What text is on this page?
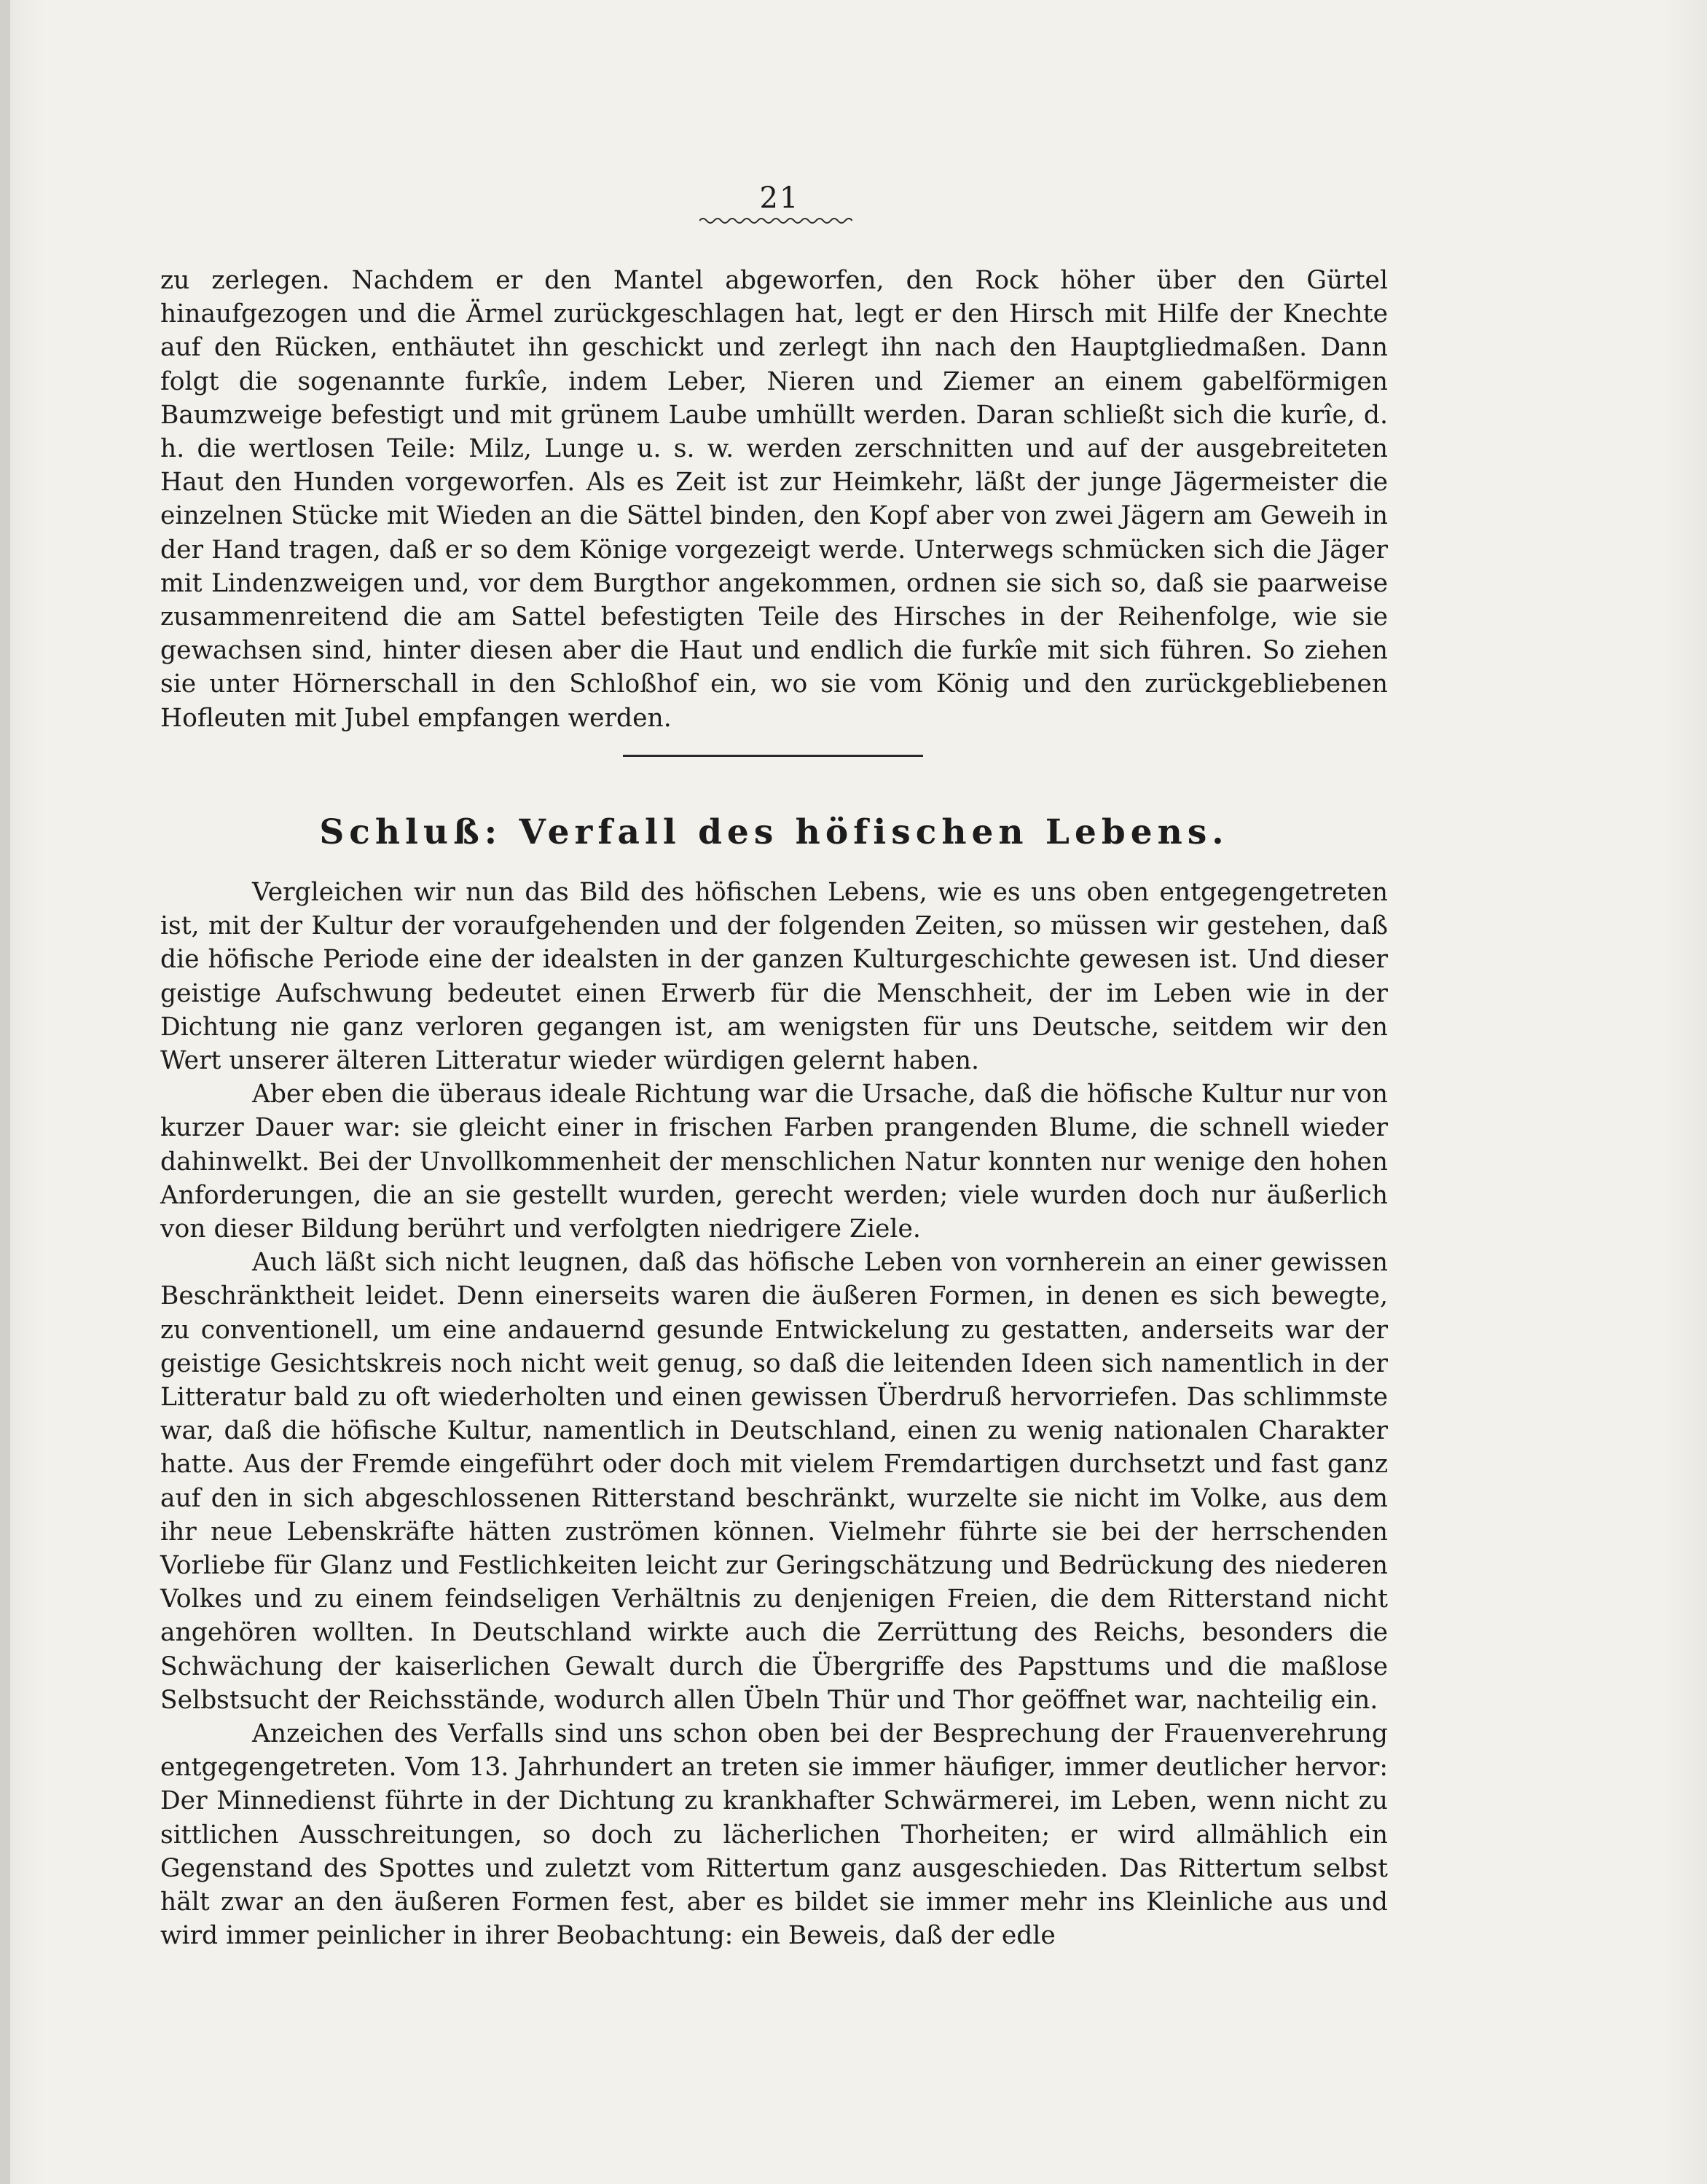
21

zu zerlegen. Nachdem er den Mantel abgeworfen, den Rock höher über den Gürtel hinaufgezogen und die Ärmel zurückgeschlagen hat, legt er den Hirsch mit Hilfe der Knechte auf den Rücken, enthäutet ihn geschickt und zerlegt ihn nach den Hauptgliedmaßen. Dann folgt die sogenannte furkîe, indem Leber, Nieren und Ziemer an einem gabelförmigen Baumzweige befestigt und mit grünem Laube umhüllt werden. Daran schließt sich die kurîe, d. h. die wertlosen Teile: Milz, Lunge u. s. w. werden zerschnitten und auf der ausgebreiteten Haut den Hunden vorgeworfen. Als es Zeit ist zur Heimkehr, läßt der junge Jägermeister die einzelnen Stücke mit Wieden an die Sättel binden, den Kopf aber von zwei Jägern am Geweih in der Hand tragen, daß er so dem Könige vorgezeigt werde. Unterwegs schmücken sich die Jäger mit Lindenzweigen und, vor dem Burgthor angekommen, ordnen sie sich so, daß sie paarweise zusammenreitend die am Sattel befestigten Teile des Hirsches in der Reihenfolge, wie sie gewachsen sind, hinter diesen aber die Haut und endlich die furkîe mit sich führen. So ziehen sie unter Hörnerschall in den Schloßhof ein, wo sie vom König und den zurückgebliebenen Hofleuten mit Jubel empfangen werden.

Schluß: Verfall des höfischen Lebens.

Vergleichen wir nun das Bild des höfischen Lebens, wie es uns oben entgegengetreten ist, mit der Kultur der voraufgehenden und der folgenden Zeiten, so müssen wir gestehen, daß die höfische Periode eine der idealsten in der ganzen Kulturgeschichte gewesen ist. Und dieser geistige Aufschwung bedeutet einen Erwerb für die Menschheit, der im Leben wie in der Dichtung nie ganz verloren gegangen ist, am wenigsten für uns Deutsche, seitdem wir den Wert unserer älteren Litteratur wieder würdigen gelernt haben.

Aber eben die überaus ideale Richtung war die Ursache, daß die höfische Kultur nur von kurzer Dauer war: sie gleicht einer in frischen Farben prangenden Blume, die schnell wieder dahinwelkt. Bei der Unvollkommenheit der menschlichen Natur konnten nur wenige den hohen Anforderungen, die an sie gestellt wurden, gerecht werden; viele wurden doch nur äußerlich von dieser Bildung berührt und verfolgten niedrigere Ziele.

Auch läßt sich nicht leugnen, daß das höfische Leben von vornherein an einer gewissen Beschränktheit leidet. Denn einerseits waren die äußeren Formen, in denen es sich bewegte, zu conventionell, um eine andauernd gesunde Entwickelung zu gestatten, anderseits war der geistige Gesichtskreis noch nicht weit genug, so daß die leitenden Ideen sich namentlich in der Litteratur bald zu oft wiederholten und einen gewissen Überdruß hervorriefen. Das schlimmste war, daß die höfische Kultur, namentlich in Deutschland, einen zu wenig nationalen Charakter hatte. Aus der Fremde eingeführt oder doch mit vielem Fremdartigen durchsetzt und fast ganz auf den in sich abgeschlossenen Ritterstand beschränkt, wurzelte sie nicht im Volke, aus dem ihr neue Lebenskräfte hätten zuströmen können. Vielmehr führte sie bei der herrschenden Vorliebe für Glanz und Festlichkeiten leicht zur Geringschätzung und Bedrückung des niederen Volkes und zu einem feindseligen Verhältnis zu denjenigen Freien, die dem Ritterstand nicht angehören wollten. In Deutschland wirkte auch die Zerrüttung des Reichs, besonders die Schwächung der kaiserlichen Gewalt durch die Übergriffe des Papsttums und die maßlose Selbstsucht der Reichsstände, wodurch allen Übeln Thür und Thor geöffnet war, nachteilig ein.

Anzeichen des Verfalls sind uns schon oben bei der Besprechung der Frauenverehrung entgegengetreten. Vom 13. Jahrhundert an treten sie immer häufiger, immer deutlicher hervor: Der Minnedienst führte in der Dichtung zu krankhafter Schwärmerei, im Leben, wenn nicht zu sittlichen Ausschreitungen, so doch zu lächerlichen Thorheiten; er wird allmählich ein Gegenstand des Spottes und zuletzt vom Rittertum ganz ausgeschieden. Das Rittertum selbst hält zwar an den äußeren Formen fest, aber es bildet sie immer mehr ins Kleinliche aus und wird immer peinlicher in ihrer Beobachtung: ein Beweis, daß der edle
